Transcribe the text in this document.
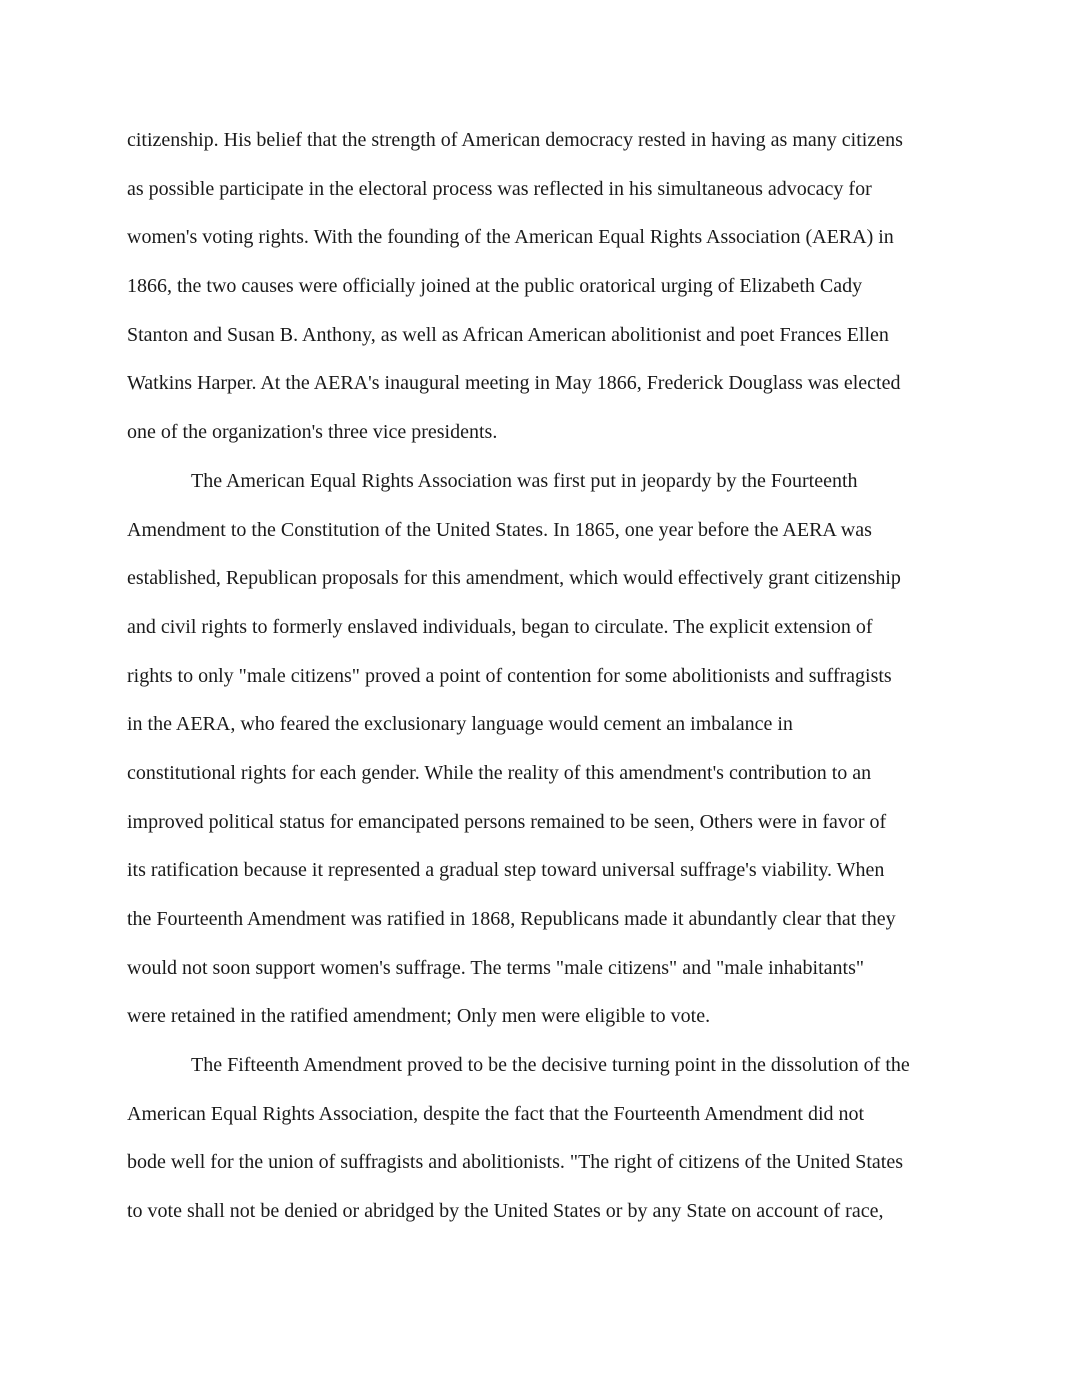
citizenship. His belief that the strength of American democracy rested in having as many citizens
as possible participate in the electoral process was reflected in his simultaneous advocacy for
women's voting rights. With the founding of the American Equal Rights Association (AERA) in
1866, the two causes were officially joined at the public oratorical urging of Elizabeth Cady
Stanton and Susan B. Anthony, as well as African American abolitionist and poet Frances Ellen
Watkins Harper. At the AERA's inaugural meeting in May 1866, Frederick Douglass was elected
one of the organization's three vice presidents.
The American Equal Rights Association was first put in jeopardy by the Fourteenth
Amendment to the Constitution of the United States. In 1865, one year before the AERA was
established, Republican proposals for this amendment, which would effectively grant citizenship
and civil rights to formerly enslaved individuals, began to circulate. The explicit extension of
rights to only "male citizens" proved a point of contention for some abolitionists and suffragists
in the AERA, who feared the exclusionary language would cement an imbalance in
constitutional rights for each gender. While the reality of this amendment's contribution to an
improved political status for emancipated persons remained to be seen, Others were in favor of
its ratification because it represented a gradual step toward universal suffrage's viability. When
the Fourteenth Amendment was ratified in 1868, Republicans made it abundantly clear that they
would not soon support women's suffrage. The terms "male citizens" and "male inhabitants"
were retained in the ratified amendment; Only men were eligible to vote.
The Fifteenth Amendment proved to be the decisive turning point in the dissolution of the
American Equal Rights Association, despite the fact that the Fourteenth Amendment did not
bode well for the union of suffragists and abolitionists. "The right of citizens of the United States
to vote shall not be denied or abridged by the United States or by any State on account of race,
